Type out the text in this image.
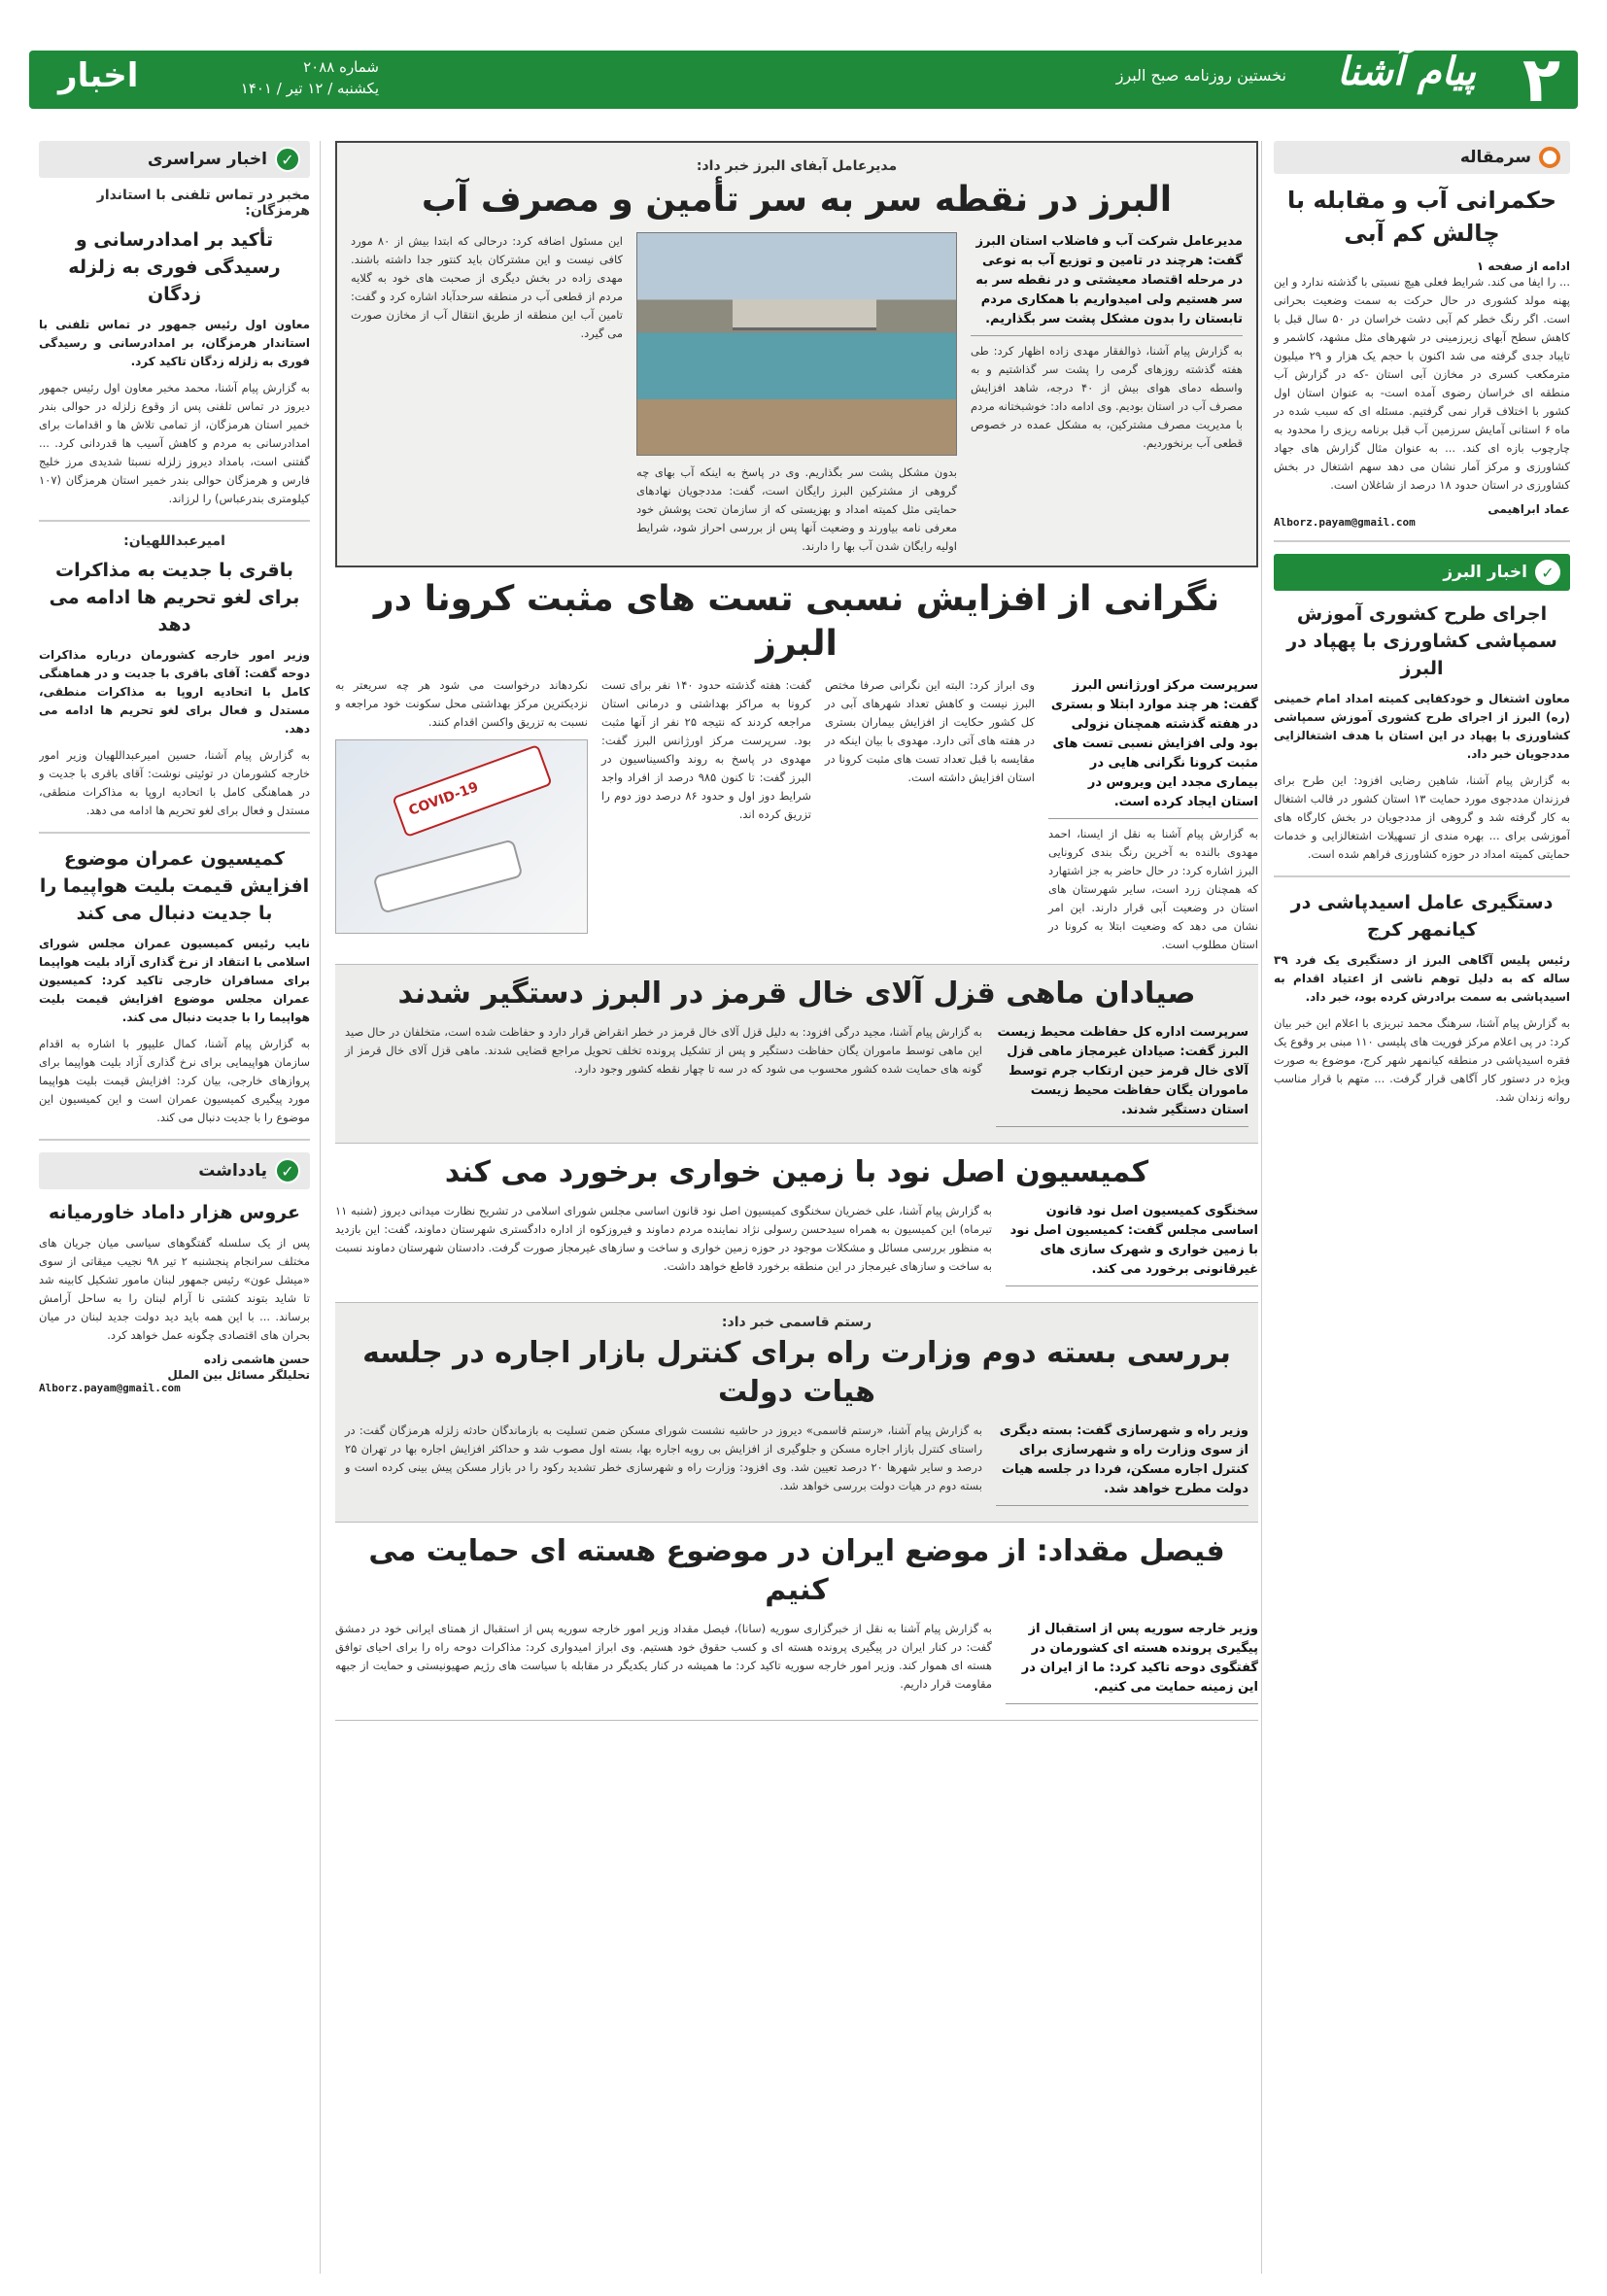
۲
پیام آشنا
نخستین روزنامه صبح البرز
شماره ۲۰۸۸
یکشنبه / ۱۲ تیر / ۱۴۰۱
اخبار
سرمقاله
حکمرانی آب و مقابله با چالش کم آبی
ادامه از صفحه ۱

... را ایفا می کند. شرایط فعلی هیچ نسبتی با گذشته ندارد و این پهنه مولد کشوری در حال حرکت به سمت وضعیت بحرانی است. اگر رنگ خطر کم آبی دشت خراسان در ۵۰ سال قبل با کاهش سطح آبهای زیرزمینی در شهرهای مثل مشهد، کاشمر و تایباد جدی گرفته می شد اکنون با حجم یک هزار و ۲۹ میلیون مترمکعب کسری در مخازن آبی استان -که در گزارش آب منطقه ای خراسان رضوی آمده است- به عنوان استان اول کشور با اختلاف قرار نمی گرفتیم. مسئله ای که سبب شده در ماه ۶ استانی آمایش سرزمین آب قبل برنامه ریزی را محدود به چارچوب بازه ای کند. ... به عنوان مثال گزارش های جهاد کشاورزی و مرکز آمار نشان می دهد سهم اشتغال در بخش کشاورزی در استان حدود ۱۸ درصد از شاغلان است.

عماد ابراهیمی
Alborz.payam@gmail.com
✓
اخبار البرز
اجرای طرح کشوری آموزش سمپاشی کشاورزی با پهپاد در البرز

معاون اشتغال و خودکفایی کمیته امداد امام خمینی (ره) البرز از اجرای طرح کشوری آموزش سمپاشی کشاورزی با پهپاد در این استان با هدف اشتغالزایی مددجویان خبر داد.

به گزارش پیام آشنا، شاهین رضایی افزود: این طرح برای فرزندان مددجوی مورد حمایت ۱۳ استان کشور در قالب اشتغال به کار گرفته شد و گروهی از مددجویان در بخش کارگاه های آموزشی برای ... بهره مندی از تسهیلات اشتغالزایی و خدمات حمایتی کمیته امداد در حوزه کشاورزی فراهم شده است.

دستگیری عامل اسیدپاشی در کیانمهر کرج

رئیس پلیس آگاهی البرز از دستگیری یک فرد ۳۹ ساله که به دلیل توهم ناشی از اعتیاد اقدام به اسیدپاشی به سمت برادرش کرده بود، خبر داد.

به گزارش پیام آشنا، سرهنگ محمد تبریزی با اعلام این خبر بیان کرد: در پی اعلام مرکز فوریت های پلیسی ۱۱۰ مبنی بر وقوع یک فقره اسیدپاشی در منطقه کیانمهر شهر کرج، موضوع به صورت ویژه در دستور کار آگاهی قرار گرفت. ... متهم با قرار مناسب روانه زندان شد.

مدیرعامل آبفای البرز خبر داد:
البرز در نقطه سر به سر تأمین و مصرف آب

مدیرعامل شرکت آب و فاضلاب استان البرز گفت: هرچند در تامین و توزیع آب به نوعی در مرحله اقتصاد معیشتی و در نقطه سر به سر هستیم ولی امیدواریم با همکاری مردم تابستان را بدون مشکل پشت سر بگذاریم.

به گزارش پیام آشنا، ذوالفقار مهدی زاده اظهار کرد: طی هفته گذشته روزهای گرمی را پشت سر گذاشتیم و به واسطه دمای هوای بیش از ۴۰ درجه، شاهد افزایش مصرف آب در استان بودیم. وی ادامه داد: خوشبختانه مردم با مدیریت مصرف مشترکین، به مشکل عمده در خصوص قطعی آب برنخوردیم.

بدون مشکل پشت سر بگذاریم. وی در پاسخ به اینکه آب بهای چه گروهی از مشترکین البرز رایگان است، گفت: مددجویان نهادهای حمایتی مثل کمیته امداد و بهزیستی که از سازمان تحت پوشش خود معرفی نامه بیاورند و وضعیت آنها پس از بررسی احراز شود، شرایط اولیه رایگان شدن آب بها را دارند.

این مسئول اضافه کرد: درحالی که ابتدا بیش از ۸۰ مورد کافی نیست و این مشترکان باید کنتور جدا داشته باشند. مهدی زاده در بخش دیگری از صحبت های خود به گلایه مردم از قطعی آب در منطقه سرحدآباد اشاره کرد و گفت: تامین آب این منطقه از طریق انتقال آب از مخازن صورت می گیرد.

نگرانی از افزایش نسبی تست های مثبت کرونا در البرز

سرپرست مرکز اورژانس البرز گفت: هر چند موارد ابتلا و بستری در هفته گذشته همچنان نزولی بود ولی افزایش نسبی تست های مثبت کرونا نگرانی هایی در بیماری مجدد این ویروس در استان ایجاد کرده است.

به گزارش پیام آشنا به نقل از ایسنا، احمد مهدوی بالنده به آخرین رنگ بندی کرونایی البرز اشاره کرد: در حال حاضر به جز اشتهارد که همچنان زرد است، سایر شهرستان های استان در وضعیت آبی قرار دارند. این امر نشان می دهد که وضعیت ابتلا به کرونا در استان مطلوب است.

وی ابراز کرد: البته این نگرانی صرفا مختص البرز نیست و کاهش تعداد شهرهای آبی در کل کشور حکایت از افزایش بیماران بستری در هفته های آتی دارد. مهدوی با بیان اینکه در مقایسه با قبل تعداد تست های مثبت کرونا در استان افزایش داشته است.

گفت: هفته گذشته حدود ۱۴۰ نفر برای تست کرونا به مراکز بهداشتی و درمانی استان مراجعه کردند که نتیجه ۲۵ نفر از آنها مثبت بود. سرپرست مرکز اورژانس البرز گفت: مهدوی در پاسخ به روند واکسیناسیون در البرز گفت: تا کنون ۹۸۵ درصد از افراد واجد شرایط دوز اول و حدود ۸۶ درصد دوز دوم را تزریق کرده اند.

نکردهاند درخواست می شود هر چه سریعتر به نزدیکترین مرکز بهداشتی محل سکونت خود مراجعه و نسبت به تزریق واکسن اقدام کنند.

COVID-19
صیادان ماهی قزل آلای خال قرمز در البرز دستگیر شدند

سرپرست اداره کل حفاظت محیط زیست البرز گفت: صیادان غیرمجاز ماهی قزل آلای خال قرمز حین ارتکاب جرم توسط ماموران یگان حفاظت محیط زیست استان دستگیر شدند.

به گزارش پیام آشنا، مجید درگی افزود: به دلیل قزل آلای خال قرمز در خطر انقراض قرار دارد و حفاظت شده است، متخلفان در حال صید این ماهی توسط ماموران یگان حفاظت دستگیر و پس از تشکیل پرونده تخلف تحویل مراجع قضایی شدند. ماهی قزل آلای خال قرمز از گونه های حمایت شده کشور محسوب می شود که در سه تا چهار نقطه کشور وجود دارد.

کمیسیون اصل نود با زمین خواری برخورد می کند

سخنگوی کمیسیون اصل نود قانون اساسی مجلس گفت: کمیسیون اصل نود با زمین خواری و شهرک سازی های غیرقانونی برخورد می کند.

به گزارش پیام آشنا، علی خضریان سخنگوی کمیسیون اصل نود قانون اساسی مجلس شورای اسلامی در تشریح نظارت میدانی دیروز (شنبه ۱۱ تیرماه) این کمیسیون به همراه سیدحسن رسولی نژاد نماینده مردم دماوند و فیروزکوه از اداره دادگستری شهرستان دماوند، گفت: این بازدید به منظور بررسی مسائل و مشکلات موجود در حوزه زمین خواری و ساخت و سازهای غیرمجاز صورت گرفت. دادستان شهرستان دماوند نسبت به ساخت و سازهای غیرمجاز در این منطقه برخورد قاطع خواهد داشت.

رستم قاسمی خبر داد:
بررسی بسته دوم وزارت راه برای کنترل بازار اجاره در جلسه هیات دولت

وزیر راه و شهرسازی گفت: بسته دیگری از سوی وزارت راه و شهرسازی برای کنترل اجاره مسکن، فردا در جلسه هیات دولت مطرح خواهد شد.

به گزارش پیام آشنا، «رستم قاسمی» دیروز در حاشیه نشست شورای مسکن ضمن تسلیت به بازماندگان حادثه زلزله هرمزگان گفت: در راستای کنترل بازار اجاره مسکن و جلوگیری از افزایش بی رویه اجاره بها، بسته اول مصوب شد و حداکثر افزایش اجاره بها در تهران ۲۵ درصد و سایر شهرها ۲۰ درصد تعیین شد. وی افزود: وزارت راه و شهرسازی خطر تشدید رکود را در بازار مسکن پیش بینی کرده است و بسته دوم در هیات دولت بررسی خواهد شد.

فیصل مقداد: از موضع ایران در موضوع هسته ای حمایت می کنیم

وزیر خارجه سوریه پس از استقبال از پیگیری پرونده هسته ای کشورمان در گفتگوی دوحه تاکید کرد: ما از ایران در این زمینه حمایت می کنیم.

به گزارش پیام آشنا به نقل از خبرگزاری سوریه (سانا)، فیصل مقداد وزیر امور خارجه سوریه پس از استقبال از همتای ایرانی خود در دمشق گفت: در کنار ایران در پیگیری پرونده هسته ای و کسب حقوق خود هستیم. وی ابراز امیدواری کرد: مذاکرات دوحه راه را برای احیای توافق هسته ای هموار کند. وزیر امور خارجه سوریه تاکید کرد: ما همیشه در کنار یکدیگر در مقابله با سیاست های رژیم صهیونیستی و حمایت از جبهه مقاومت قرار داریم.

✓
اخبار سراسری
مخبر در تماس تلفنی با استاندار هرمزگان:
تأکید بر امدادرسانی و رسیدگی فوری به زلزله زدگان

معاون اول رئیس جمهور در تماس تلفنی با استاندار هرمزگان، بر امدادرسانی و رسیدگی فوری به زلزله زدگان تاکید کرد.

به گزارش پیام آشنا، محمد مخبر معاون اول رئیس جمهور دیروز در تماس تلفنی پس از وقوع زلزله در حوالی بندر خمیر استان هرمزگان، از تمامی تلاش ها و اقدامات برای امدادرسانی به مردم و کاهش آسیب ها قدردانی کرد. ... گفتنی است، بامداد دیروز زلزله نسبتا شدیدی مرز خلیج فارس و هرمزگان حوالی بندر خمیر استان هرمزگان (۱۰۷ کیلومتری بندرعباس) را لرزاند.

امیرعبداللهیان:
باقری با جدیت به مذاکرات برای لغو تحریم ها ادامه می دهد

وزیر امور خارجه کشورمان درباره مذاکرات دوحه گفت: آقای باقری با جدیت و در هماهنگی کامل با اتحادیه اروپا به مذاکرات منطقی، مستدل و فعال برای لغو تحریم ها ادامه می دهد.

به گزارش پیام آشنا، حسین امیرعبداللهیان وزیر امور خارجه کشورمان در توئیتی نوشت: آقای باقری با جدیت و در هماهنگی کامل با اتحادیه اروپا به مذاکرات منطقی، مستدل و فعال برای لغو تحریم ها ادامه می دهد.

کمیسیون عمران موضوع افزایش قیمت بلیت هواپیما را با جدیت دنبال می کند

نایب رئیس کمیسیون عمران مجلس شورای اسلامی با انتقاد از نرخ گذاری آزاد بلیت هواپیما برای مسافران خارجی تاکید کرد: کمیسیون عمران مجلس موضوع افزایش قیمت بلیت هواپیما را با جدیت دنبال می کند.

به گزارش پیام آشنا، کمال علیپور با اشاره به اقدام سازمان هواپیمایی برای نرخ گذاری آزاد بلیت هواپیما برای پروازهای خارجی، بیان کرد: افزایش قیمت بلیت هواپیما مورد پیگیری کمیسیون عمران است و این کمیسیون این موضوع را با جدیت دنبال می کند.

✓
یادداشت
عروس هزار داماد خاورمیانه

پس از یک سلسله گفتگوهای سیاسی میان جریان های مختلف سرانجام پنجشنبه ۲ تیر ۹۸ نجیب میقاتی از سوی «میشل عون» رئیس جمهور لبنان مامور تشکیل کابینه شد تا شاید بتوند کشتی نا آرام لبنان را به ساحل آرامش برساند. ... با این همه باید دید دولت جدید لبنان در میان بحران های اقتصادی چگونه عمل خواهد کرد.

حسن هاشمی زاده
تحلیلگر مسائل بین الملل
Alborz.payam@gmail.com
